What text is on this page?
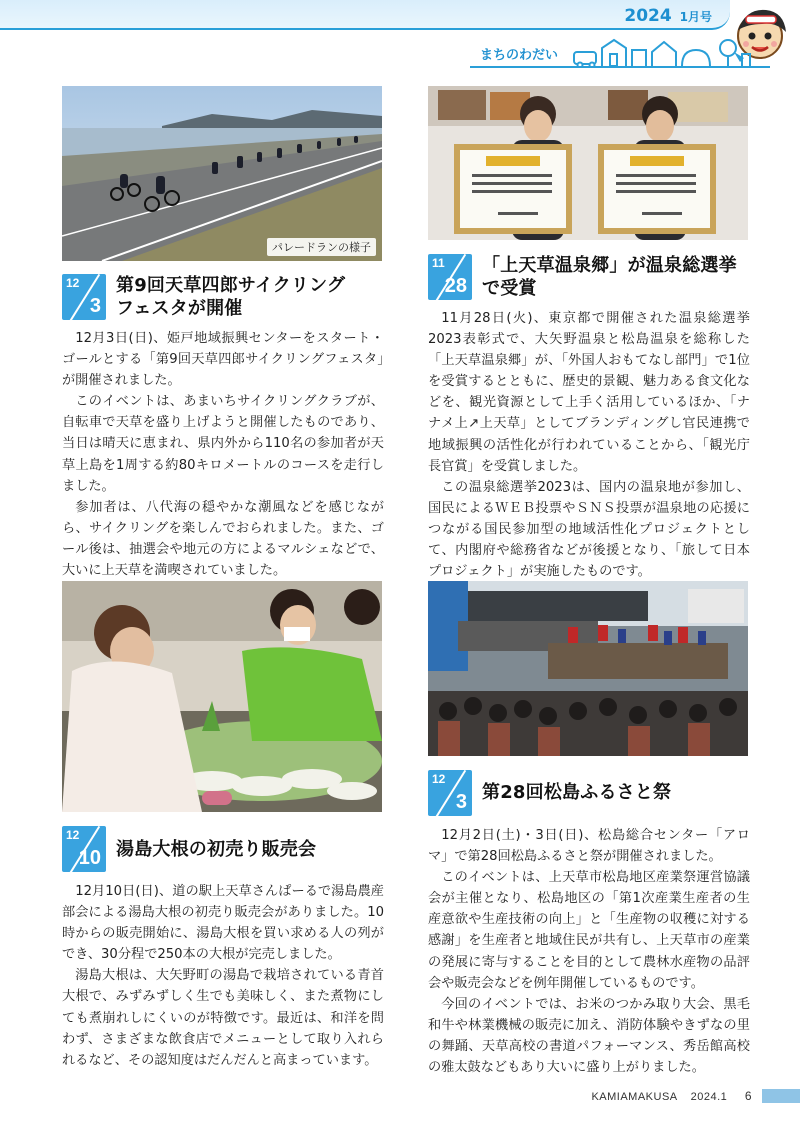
2024 1月号
まちのわだい
パレードランの様子
12
3
第9回天草四郎サイクリング
フェスタが開催

12月3日(日)、姫戸地域振興センターをスタート・ゴールとする「第9回天草四郎サイクリングフェスタ」が開催されました。

このイベントは、あまいちサイクリングクラブが、自転車で天草を盛り上げようと開催したものであり、当日は晴天に恵まれ、県内外から110名の参加者が天草上島を1周する約80キロメートルのコースを走行しました。

参加者は、八代海の穏やかな潮風などを感じながら、サイクリングを楽しんでおられました。また、ゴール後は、抽選会や地元の方によるマルシェなどで、大いに上天草を満喫されていました。

11
28
「上天草温泉郷」が温泉総選挙
で受賞

11月28日(火)、東京都で開催された温泉総選挙2023表彰式で、大矢野温泉と松島温泉を総称した「上天草温泉郷」が、「外国人おもてなし部門」で1位を受賞するとともに、歴史的景観、魅力ある食文化などを、観光資源として上手く活用しているほか、「ナナメ上↗上天草」としてブランディングし官民連携で地域振興の活性化が行われていることから、「観光庁長官賞」を受賞しました。

この温泉総選挙2023は、国内の温泉地が参加し、国民によるＷＥＢ投票やＳＮＳ投票が温泉地の応援につながる国民参加型の地域活性化プロジェクトとして、内閣府や総務省などが後援となり、「旅して日本プロジェクト」が実施したものです。

12
10 湯島大根の初売り販売会

12月10日(日)、道の駅上天草さんぱーるで湯島農産部会による湯島大根の初売り販売会がありました。10時からの販売開始に、湯島大根を買い求める人の列ができ、30分程で250本の大根が完売しました。

湯島大根は、大矢野町の湯島で栽培されている青首大根で、みずみずしく生でも美味しく、また煮物にしても煮崩れしにくいのが特徴です。最近は、和洋を問わず、さまざまな飲食店でメニューとして取り入れられるなど、その認知度はだんだんと高まっています。

12
3 第28回松島ふるさと祭

12月2日(土)・3日(日)、松島総合センター「アロマ」で第28回松島ふるさと祭が開催されました。

このイベントは、上天草市松島地区産業祭運営協議会が主催となり、松島地区の「第1次産業生産者の生産意欲や生産技術の向上」と「生産物の収穫に対する感謝」を生産者と地域住民が共有し、上天草市の産業の発展に寄与することを目的として農林水産物の品評会や販売会などを例年開催しているものです。

今回のイベントでは、お米のつかみ取り大会、黒毛和牛や林業機械の販売に加え、消防体験やきずなの里の舞踊、天草高校の書道パフォーマンス、秀岳館高校の雅太鼓などもあり大いに盛り上がりました。

KAMIAMAKUSA 2024.1 6
